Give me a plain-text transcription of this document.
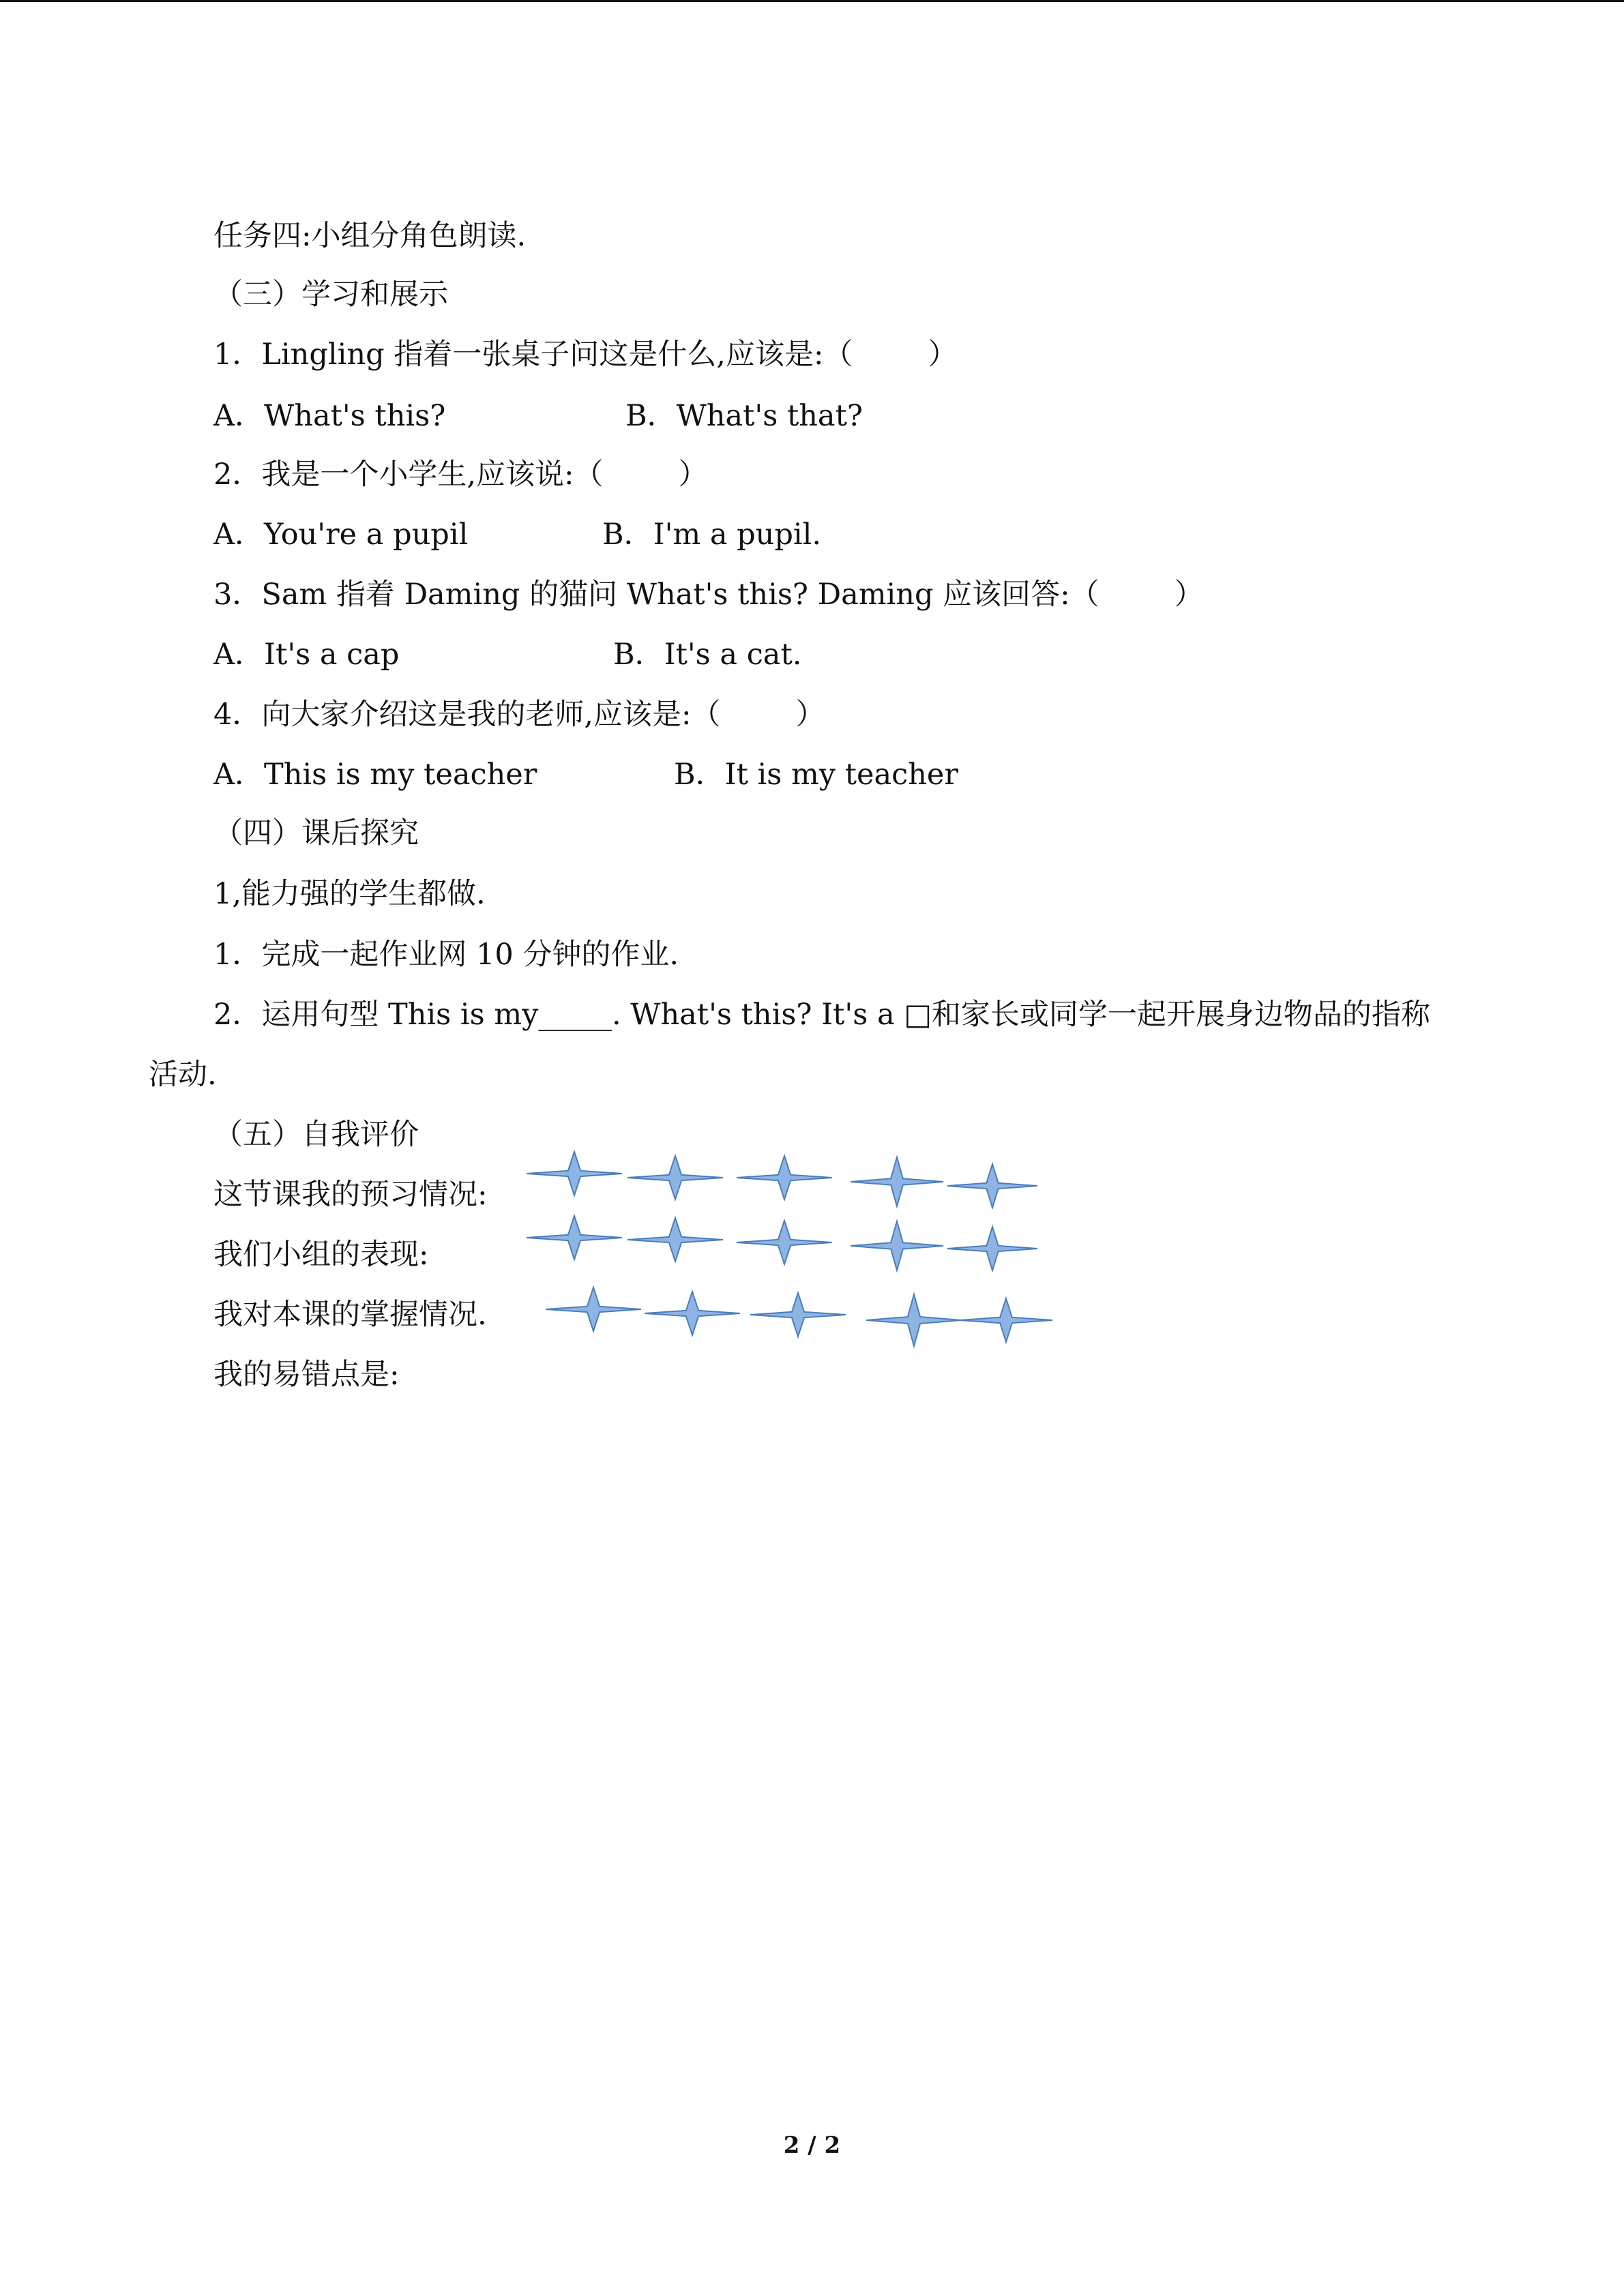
任务四:小组分角色朗读.
（三）学习和展示
1．Lingling 指着一张桌子问这是什么,应该是:（	）
A．What's this?	B．What's that?
2．我是一个小学生,应该说:（	）
A．You're a pupil	B．I'm a pupil.
3．Sam 指着 Daming 的猫问 What's this? Daming 应该回答:（	）
A．It's a cap	B．It's a cat.
4．向大家介绍这是我的老师,应该是:（	）
A．This is my teacher	B．It is my teacher
（四）课后探究
1,能力强的学生都做.
1．完成一起作业网 10 分钟的作业.
2．运用句型 This is my_____. What's this? It's a □和家长或同学一起开展身边物品的指称
活动.
（五）自我评价
这节课我的预习情况:
我们小组的表现:
我对本课的掌握情况.
我的易错点是:
2 / 2
